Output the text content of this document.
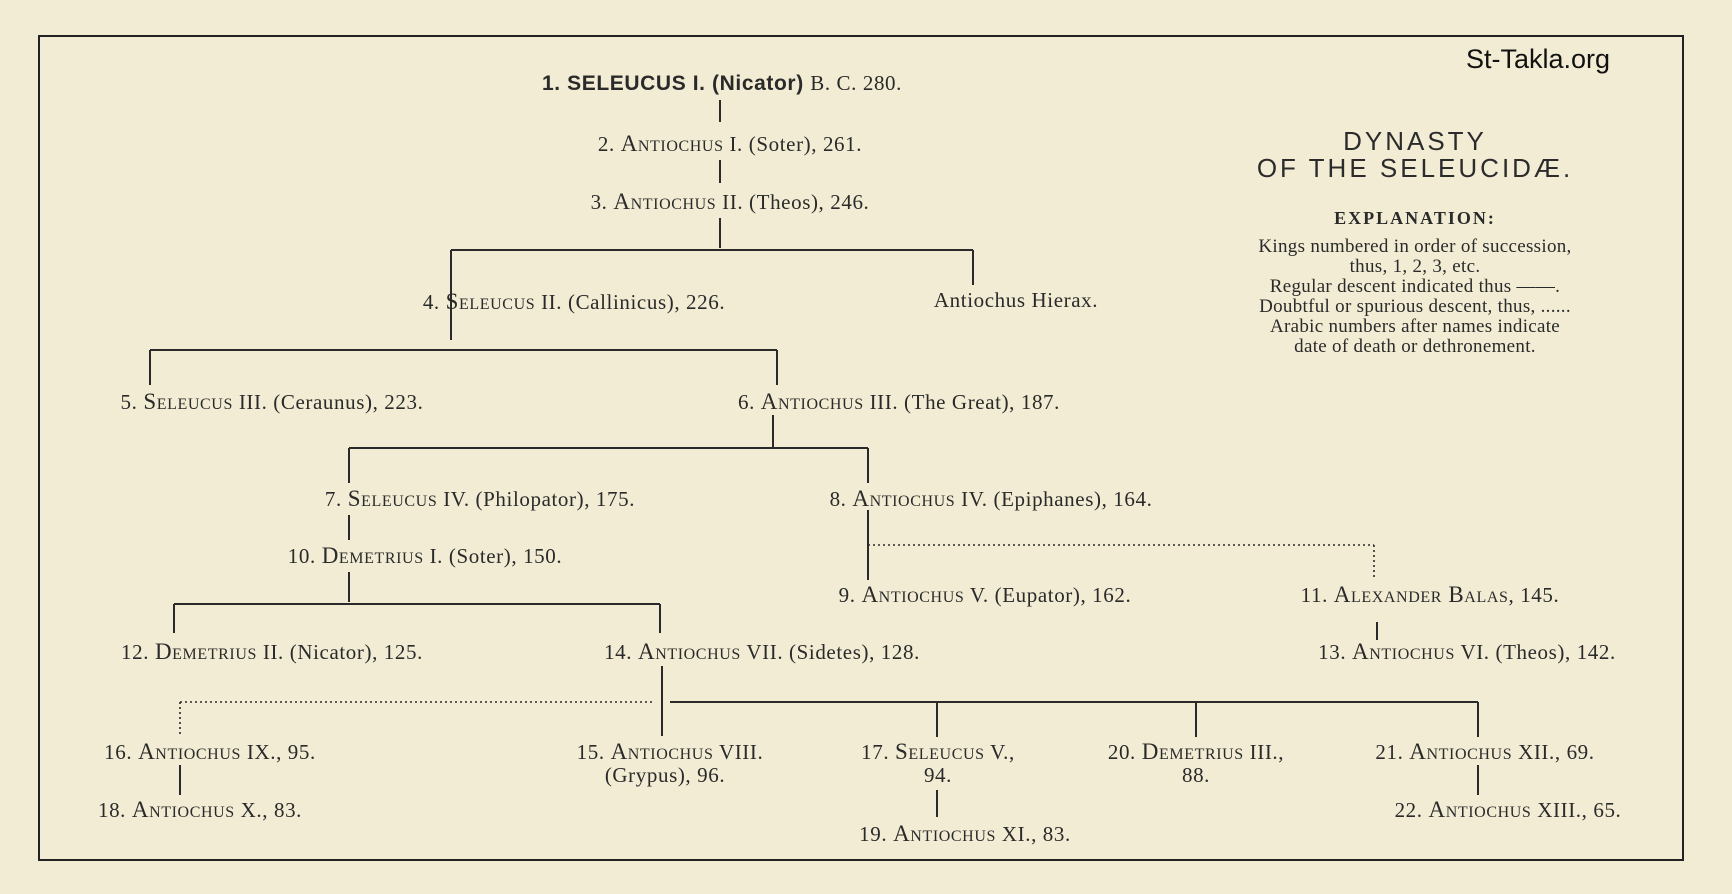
St-Takla.org
1. SELEUCUS I. (Nicator) B. C. 280.
2. Antiochus I. (Soter), 261.
3. Antiochus II. (Theos), 246.
4. Seleucus II. (Callinicus), 226.	Antiochus Hierax.
5. Seleucus III. (Ceraunus), 223.	6. Antiochus III. (The Great), 187.
7. Seleucus IV. (Philopator), 175.	8. Antiochus IV. (Epiphanes), 164.
10. Demetrius I. (Soter), 150.
9. Antiochus V. (Eupator), 162.	11. Alexander Balas, 145.
12. Demetrius II. (Nicator), 125.	14. Antiochus VII. (Sidetes), 128.	13. Antiochus VI. (Theos), 142.
16. Antiochus IX., 95.	15. Antiochus VIII.
(Grypus), 96.
17. Seleucus V.,
94.
20. Demetrius III.,
88.
21. Antiochus XII., 69.
18. Antiochus X., 83.	22. Antiochus XIII., 65.
19. Antiochus XI., 83.
DYNASTY
OF THE SELEUCIDÆ.
EXPLANATION:
Kings numbered in order of succession,
thus, 1, 2, 3, etc.
Regular descent indicated thus ——.
Doubtful or spurious descent, thus, ......
Arabic numbers after names indicate
date of death or dethronement.
